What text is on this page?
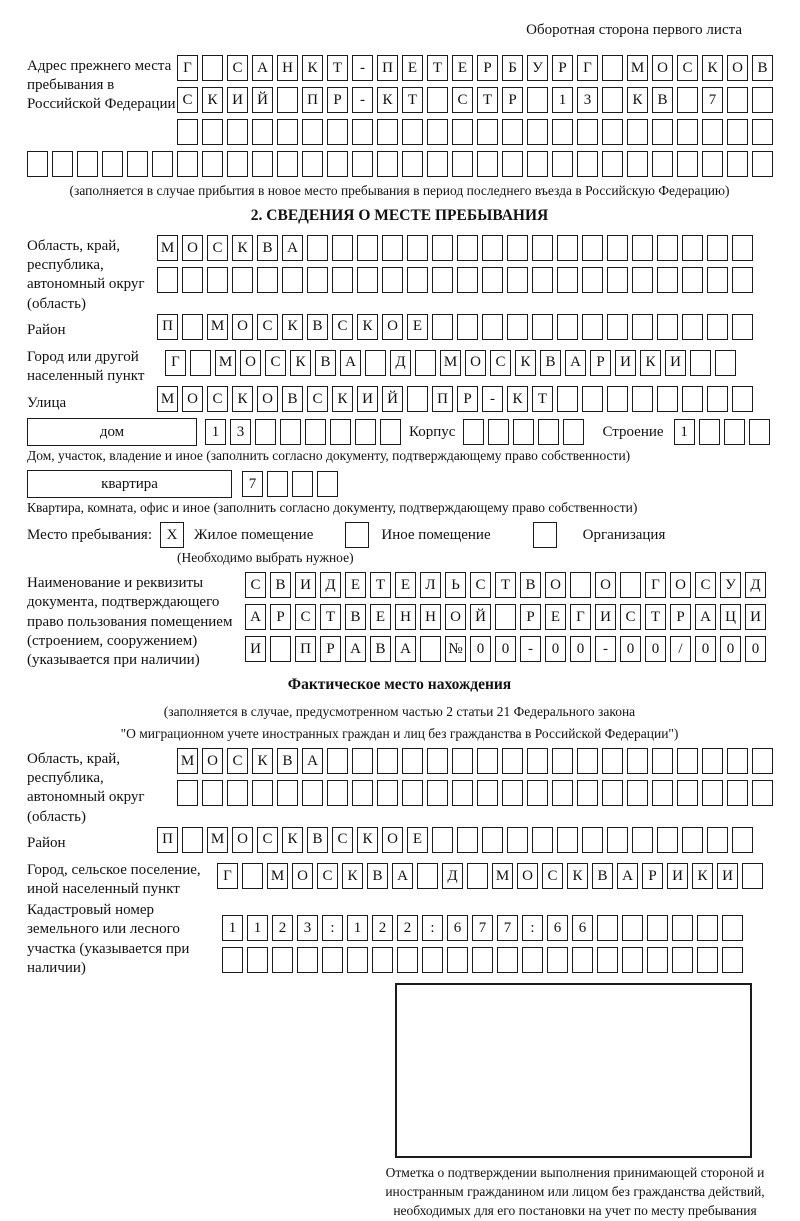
Оборотная сторона первого листа
Адрес прежнего места пребывания в Российской Федерации
Г	С А Н К	Т	-	П Е	Т	Е	Р	Б	У	Р	Г	М О С К О В
С К И Й	П	Р	-	К	Т	С	Т	Р	1	3	К В	7
(заполняется в случае прибытия в новое место пребывания в период последнего въезда в Российскую Федерацию)
2. СВЕДЕНИЯ О МЕСТЕ ПРЕБЫВАНИЯ
Область, край, республика, автономный округ (область)
М О С К В А
Район	П	М О С К В С К О Е
Город или другой населенный пункт
Г	М О С К В А	Д	М О С К В А	Р	И К И
Улица	М О С К О В С К И Й	П	Р	-	К	Т
дом	1	3	Корпус	Строение	1
Дом, участок, владение и иное (заполнить согласно документу, подтверждающему право собственности)
квартира	7
Квартира, комната, офис и иное (заполнить согласно документу, подтверждающему право собственности)
Место пребывания: X	Жилое помещение	Иное помещение	Организация
(Необходимо выбрать нужное)
Наименование и реквизиты документа, подтверждающего право пользования помещением (строением, сооружением) (указывается при наличии)
С В И Д	Е	Т	Е	Л	Ь	С	Т	В О	О	Г	О С У Д
А	Р	С	Т	В	Е	Н Н О Й	Р	Е	Г	И С	Т	Р	А Ц И
И	П	Р	А В А	№ 0	0	-	0	0	-	0	0	/	0	0	0
Фактическое место нахождения
(заполняется в случае, предусмотренном частью 2 статьи 21 Федерального закона
"О миграционном учете иностранных граждан и лиц без гражданства в Российской Федерации")
Область, край, республика, автономный округ (область)
М О С К В А
Район	П	М О С К В С К О Е
Город, сельское поселение, иной населенный пункт
Г	М О С К В А	Д	М О С К В А	Р	И К И
Кадастровый номер земельного или лесного участка (указывается при наличии)
1	1	2	3	:	1	2	2	:	6	7	7	:	6	6
Отметка о подтверждении выполнения принимающей стороной и иностранным гражданином или лицом без гражданства действий, необходимых для его постановки на учет по месту пребывания
